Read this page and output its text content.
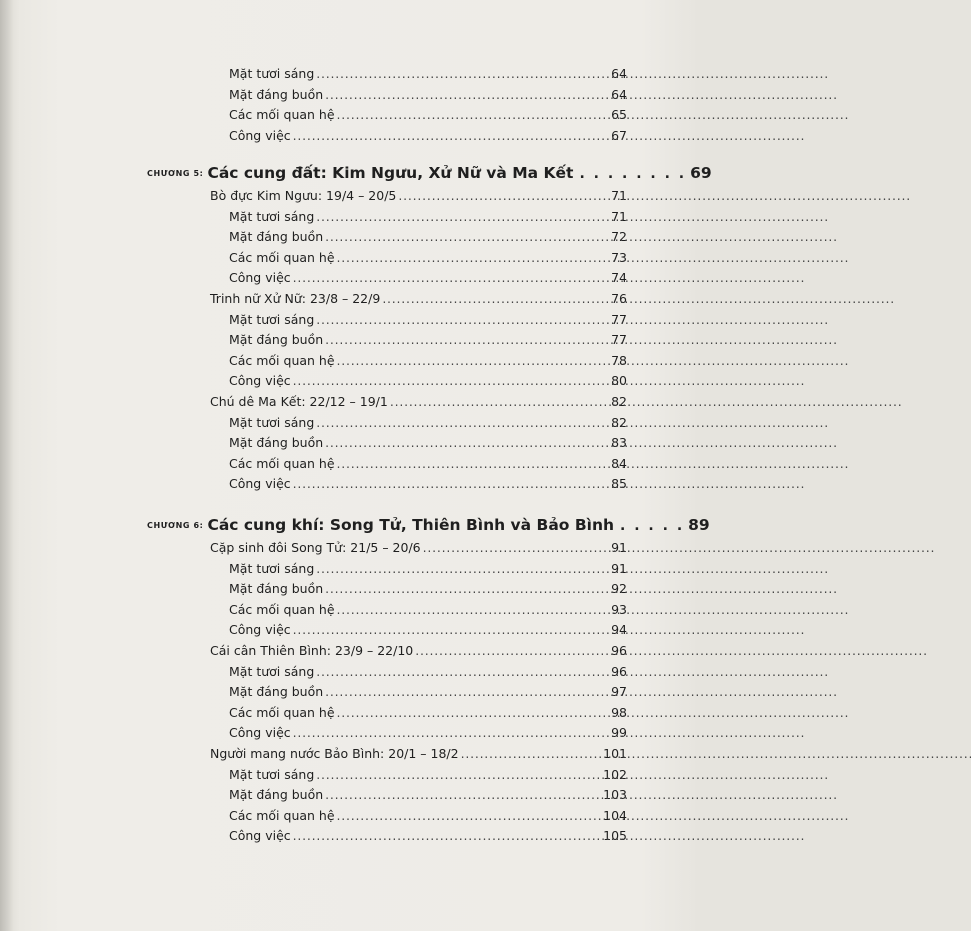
Mặt tươi sáng . . .	64
Mặt đáng buồn . . .	64
Các mối quan hệ . . .	65
Công việc . . .	67
CHƯƠNG 5: Các cung đất: Kim Ngưu, Xử Nữ và Ma Kết . . . . . . . . 69
Bò đực Kim Ngưu: 19/4 – 20/5 . . .	71
Mặt tươi sáng . . .	71
Mặt đáng buồn . . .	72
Các mối quan hệ . . .	73
Công việc . . .	74
Trinh nữ Xử Nữ: 23/8 – 22/9 . . .	76
Mặt tươi sáng . . .	77
Mặt đáng buồn . . .	77
Các mối quan hệ . . .	78
Công việc . . .	80
Chú dê Ma Kết: 22/12 – 19/1 . . .	82
Mặt tươi sáng . . .	82
Mặt đáng buồn . . .	83
Các mối quan hệ . . .	84
Công việc . . .	85
CHƯƠNG 6: Các cung khí: Song Tử, Thiên Bình và Bảo Bình . . . . . 89
Cặp sinh đôi Song Tử: 21/5 – 20/6 . . .	91
Mặt tươi sáng . . .	91
Mặt đáng buồn . . .	92
Các mối quan hệ . . .	93
Công việc . . .	94
Cái cân Thiên Bình: 23/9 – 22/10 . . .	96
Mặt tươi sáng . . .	96
Mặt đáng buồn . . .	97
Các mối quan hệ . . .	98
Công việc . . .	99
Người mang nước Bảo Bình: 20/1 – 18/2 . . .	101
Mặt tươi sáng . . .	102
Mặt đáng buồn . . .	103
Các mối quan hệ . . .	104
Công việc . . .	105
